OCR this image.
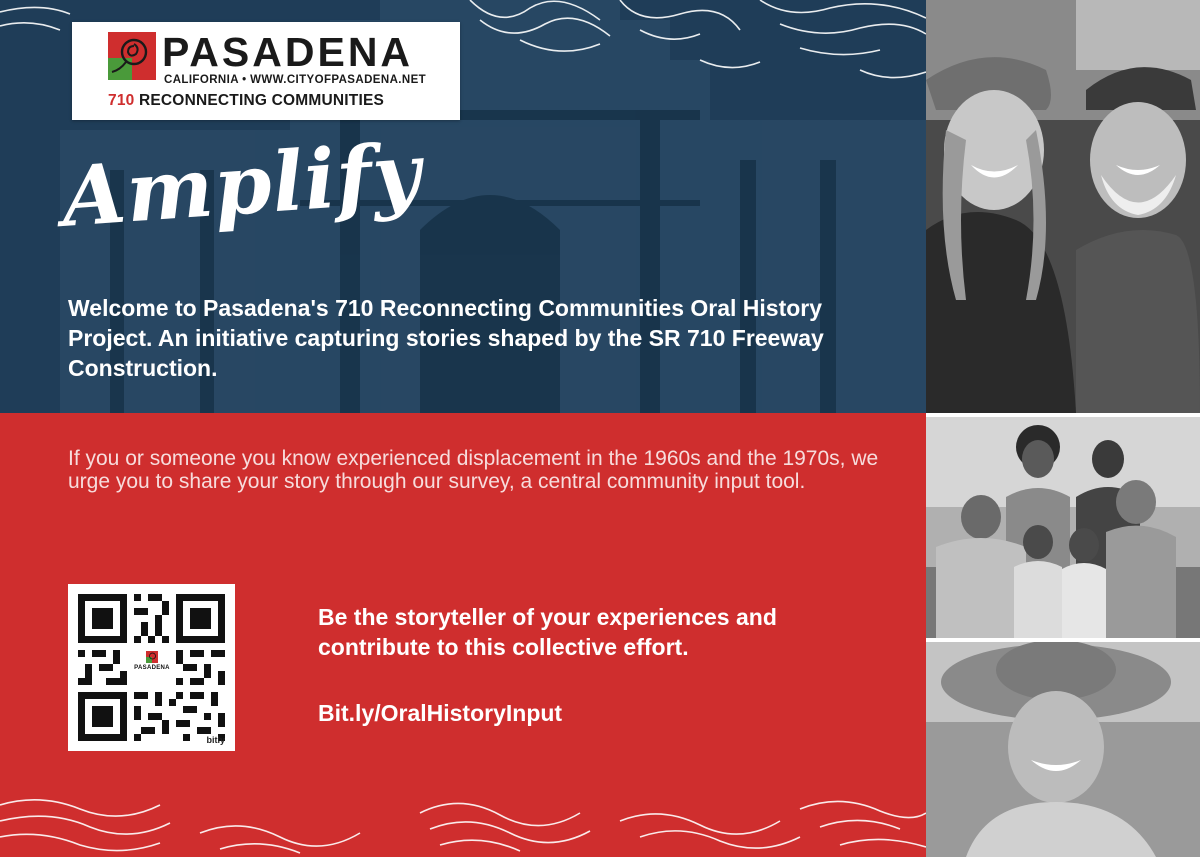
PASADENA
CALIFORNIA • WWW.CITYOFPASADENA.NET
710 RECONNECTING COMMUNITIES
Amplify

Welcome to Pasadena's 710 Reconnecting Communities Oral History Project. An initiative capturing stories shaped by the SR 710 Freeway Construction.

If you or someone you know experienced displacement in the 1960s and the 1970s, we urge you to share your story through our survey, a central community input tool.

PASADENA
bitly

Be the storyteller of your experiences and contribute to this collective effort.

Bit.ly/OralHistoryInput
